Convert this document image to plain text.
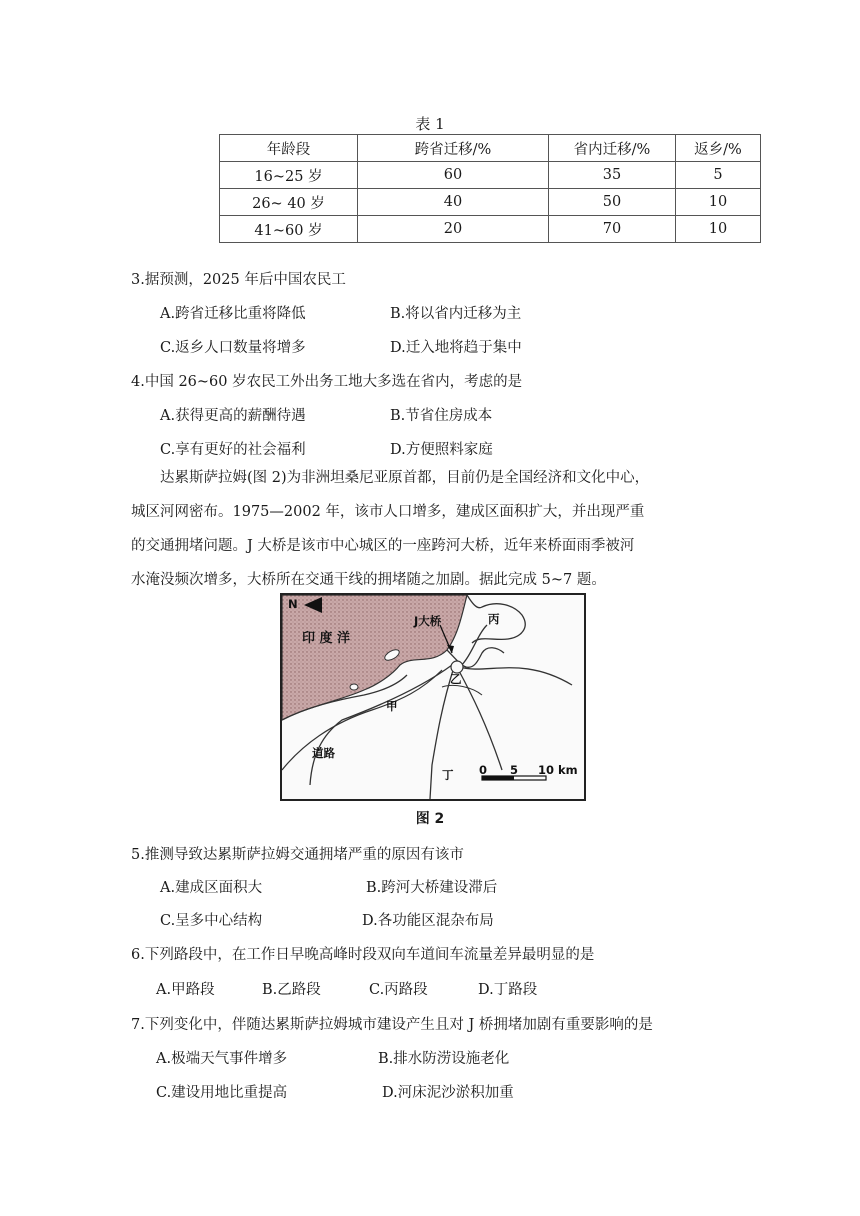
表 1
年龄段	跨省迁移/%	省内迁移/%	返乡/%
16~25 岁	60	35	5
26~ 40 岁	40	50	10
41~60 岁	20	70	10
3.据预测，2025 年后中国农民工
A.跨省迁移比重将降低	B.将以省内迁移为主
C.返乡人口数量将增多	D.迁入地将趋于集中
4.中国 26~60 岁农民工外出务工地大多选在省内，考虑的是
A.获得更高的薪酬待遇	B.节省住房成本
C.享有更好的社会福利	D.方便照料家庭
达累斯萨拉姆(图 2)为非洲坦桑尼亚原首都，目前仍是全国经济和文化中心，
城区河网密布。1975—2002 年，该市人口增多，建成区面积扩大，并出现严重
的交通拥堵问题。J 大桥是该市中心城区的一座跨河大桥，近年来桥面雨季被河
水淹没频次增多，大桥所在交通干线的拥堵随之加剧。据此完成 5~7 题。
N
印 度 洋
J大桥	丙
乙
甲
道路
丁 0 5 10 km
图 2
5.推测导致达累斯萨拉姆交通拥堵严重的原因有该市
A.建成区面积大	B.跨河大桥建设滞后
C.呈多中心结构	D.各功能区混杂布局
6.下列路段中，在工作日早晚高峰时段双向车道间车流量差异最明显的是
A.甲路段	B.乙路段	C.丙路段	D.丁路段
7.下列变化中，伴随达累斯萨拉姆城市建设产生且对 J 桥拥堵加剧有重要影响的是
A.极端天气事件增多	B.排水防涝设施老化
C.建设用地比重提高	D.河床泥沙淤积加重
